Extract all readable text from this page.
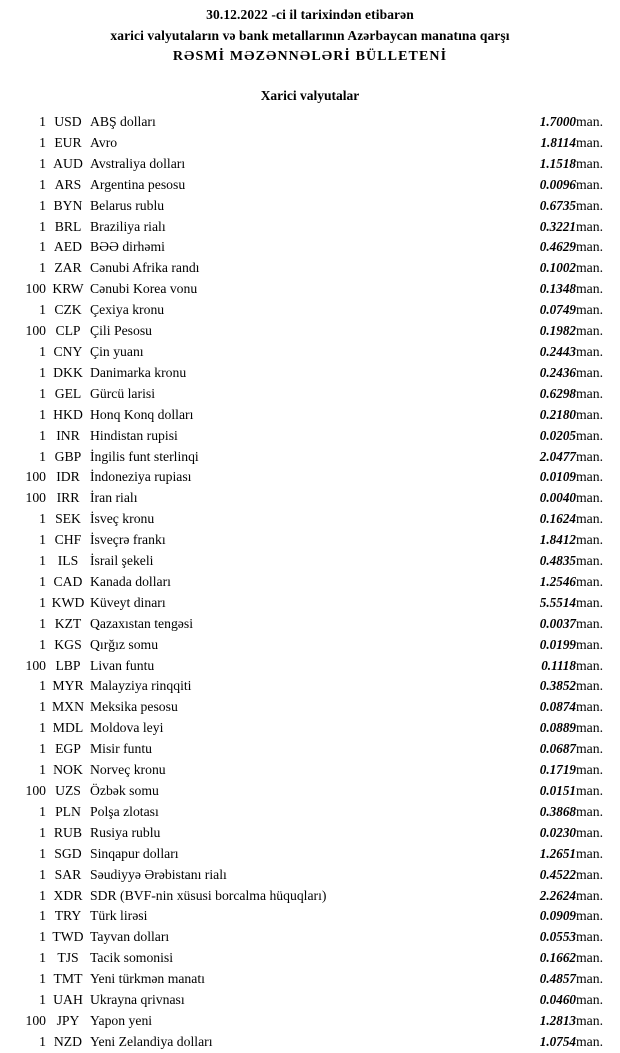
30.12.2022 -ci il tarixindən etibarən
xarici valyutaların və bank metallarının Azərbaycan manatına qarşı
RƏSMİ MƏZƏNNƏLƏRİ BÜLLETENİ
Xarici valyutalar
1	USD	ABŞ dolları	1.7000	man.
1	EUR	Avro	1.8114	man.
1	AUD	Avstraliya dolları	1.1518	man.
1	ARS	Argentina pesosu	0.0096	man.
1	BYN	Belarus rublu	0.6735	man.
1	BRL	Braziliya rialı	0.3221	man.
1	AED	BƏƏ dirhəmi	0.4629	man.
1	ZAR	Cənubi Afrika randı	0.1002	man.
100	KRW	Cənubi Korea vonu	0.1348	man.
1	CZK	Çexiya kronu	0.0749	man.
100	CLP	Çili Pesosu	0.1982	man.
1	CNY	Çin yuanı	0.2443	man.
1	DKK	Danimarka kronu	0.2436	man.
1	GEL	Gürcü larisi	0.6298	man.
1	HKD	Honq Konq dolları	0.2180	man.
1	INR	Hindistan rupisi	0.0205	man.
1	GBP	İngilis funt sterlinqi	2.0477	man.
100	IDR	İndoneziya rupiası	0.0109	man.
100	IRR	İran rialı	0.0040	man.
1	SEK	İsveç kronu	0.1624	man.
1	CHF	İsveçrə frankı	1.8412	man.
1	ILS	İsrail şekeli	0.4835	man.
1	CAD	Kanada dolları	1.2546	man.
1	KWD	Küveyt dinarı	5.5514	man.
1	KZT	Qazaxıstan tengəsi	0.0037	man.
1	KGS	Qırğız somu	0.0199	man.
100	LBP	Livan funtu	0.1118	man.
1	MYR	Malayziya rinqqiti	0.3852	man.
1	MXN	Meksika pesosu	0.0874	man.
1	MDL	Moldova leyi	0.0889	man.
1	EGP	Misir funtu	0.0687	man.
1	NOK	Norveç kronu	0.1719	man.
100	UZS	Özbək somu	0.0151	man.
1	PLN	Polşa zlotası	0.3868	man.
1	RUB	Rusiya rublu	0.0230	man.
1	SGD	Sinqapur dolları	1.2651	man.
1	SAR	Səudiyyə Ərəbistanı rialı	0.4522	man.
1	XDR	SDR (BVF-nin xüsusi borcalma hüquqları)	2.2624	man.
1	TRY	Türk lirəsi	0.0909	man.
1	TWD	Tayvan dolları	0.0553	man.
1	TJS	Tacik somonisi	0.1662	man.
1	TMT	Yeni türkmən manatı	0.4857	man.
1	UAH	Ukrayna qrivnası	0.0460	man.
100	JPY	Yapon yeni	1.2813	man.
1	NZD	Yeni Zelandiya dolları	1.0754	man.
